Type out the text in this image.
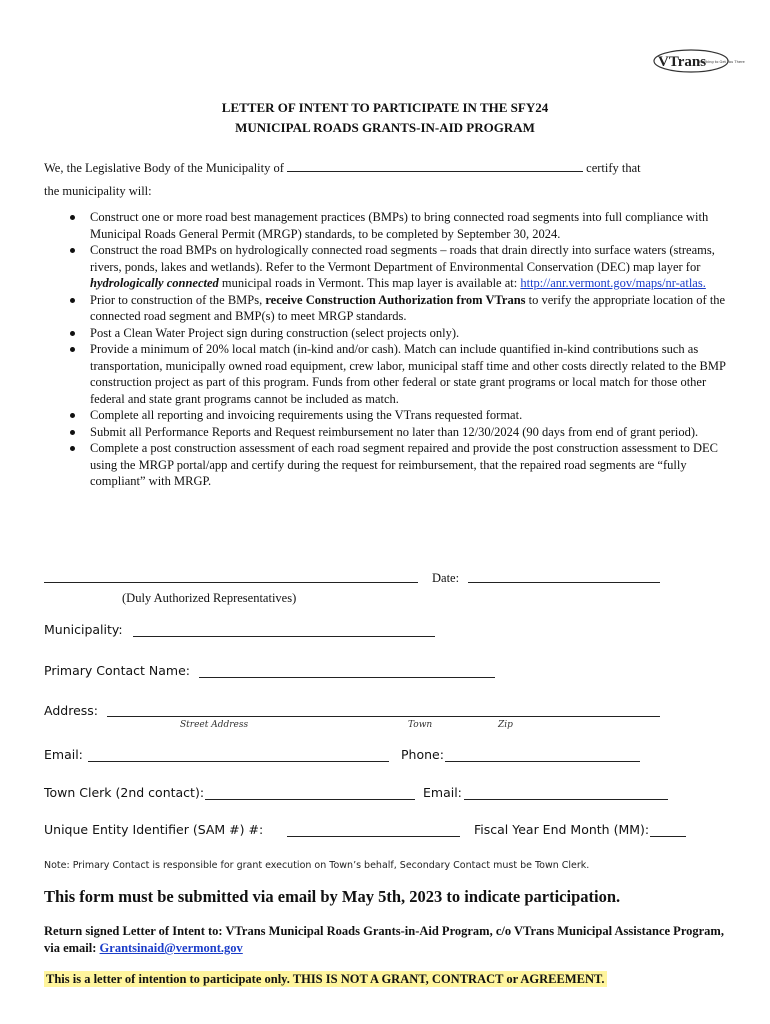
VTrans
Working to Get You There
LETTER OF INTENT TO PARTICIPATE IN THE SFY24
MUNICIPAL ROADS GRANTS-IN-AID PROGRAM
We, the Legislative Body of the Municipality of	certify that
the municipality will:
Construct one or more road best management practices (BMPs) to bring connected road segments into full compliance with Municipal Roads General Permit (MRGP) standards, to be completed by September 30, 2024.
Construct the road BMPs on hydrologically connected road segments – roads that drain directly into surface waters (streams, rivers, ponds, lakes and wetlands). Refer to the Vermont Department of Environmental Conservation (DEC) map layer for hydrologically connected municipal roads in Vermont. This map layer is available at: http://anr.vermont.gov/maps/nr-atlas.
Prior to construction of the BMPs, receive Construction Authorization from VTrans to verify the appropriate location of the connected road segment and BMP(s) to meet MRGP standards.
Post a Clean Water Project sign during construction (select projects only).
Provide a minimum of 20% local match (in-kind and/or cash). Match can include quantified in-kind contributions such as transportation, municipally owned road equipment, crew labor, municipal staff time and other costs directly related to the BMP construction project as part of this program. Funds from other federal or state grant programs or local match for those other federal and state grant programs cannot be included as match.
Complete all reporting and invoicing requirements using the VTrans requested format.
Submit all Performance Reports and Request reimbursement no later than 12/30/2024 (90 days from end of grant period).
Complete a post construction assessment of each road segment repaired and provide the post construction assessment to DEC using the MRGP portal/app and certify during the request for reimbursement, that the repaired road segments are “fully compliant” with MRGP.
Date:
(Duly Authorized Representatives)
Municipality:
Primary Contact Name:
Address:
Street Address	Town	Zip
Email:	Phone:
Town Clerk (2nd contact):	Email:
Unique Entity Identifier (SAM #) #:	Fiscal Year End Month (MM):
Note: Primary Contact is responsible for grant execution on Town’s behalf, Secondary Contact must be Town Clerk.
This form must be submitted via email by May 5th, 2023 to indicate participation.
Return signed Letter of Intent to: VTrans Municipal Roads Grants-in-Aid Program, c/o VTrans Municipal Assistance Program, via email: Grantsinaid@vermont.gov
This is a letter of intention to participate only. THIS IS NOT A GRANT, CONTRACT or AGREEMENT.
